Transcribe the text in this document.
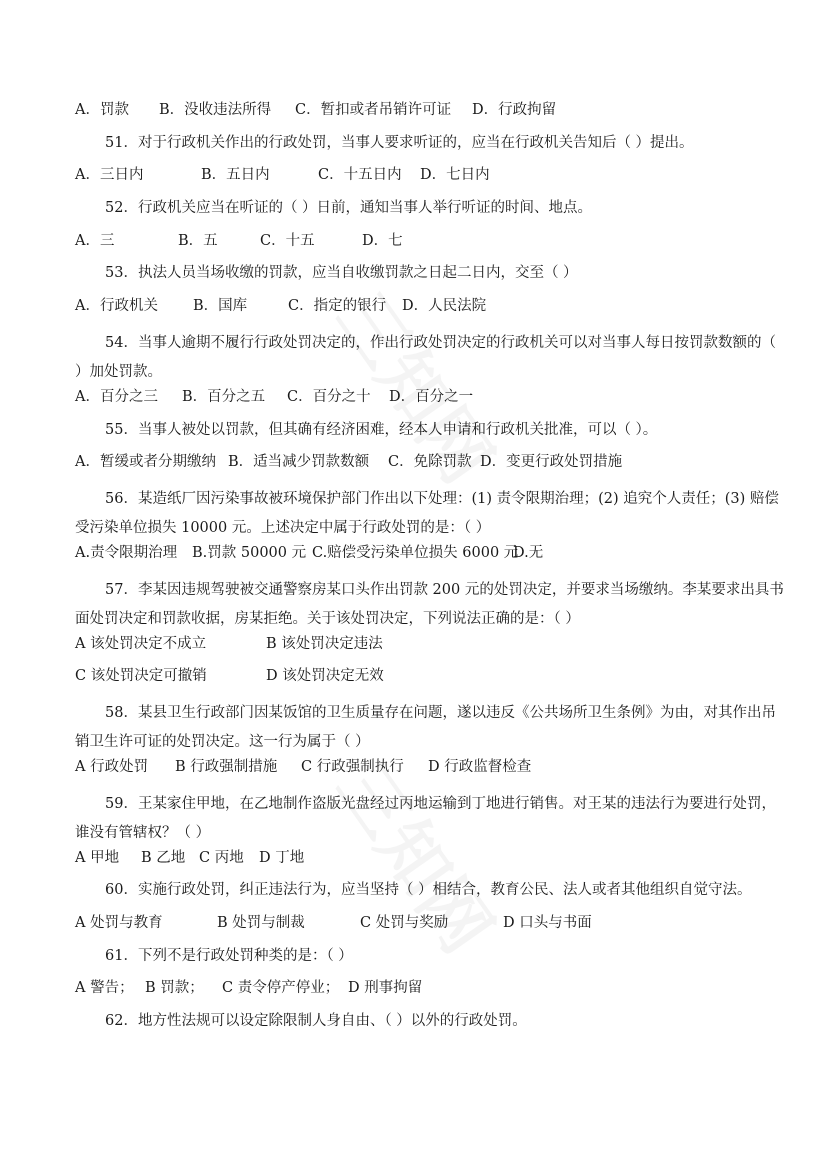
A．罚款 B．没收违法所得 C．暂扣或者吊销许可证 D．行政拘留

51．对于行政机关作出的行政处罚，当事人要求听证的，应当在行政机关告知后（ ）提出。

A．三日内	B．五日内	C．十五日内 D．七日内

52．行政机关应当在听证的（ ）日前，通知当事人举行听证的时间、地点。

A．三	B．五	C．十五	D．七

53．执法人员当场收缴的罚款，应当自收缴罚款之日起二日内，交至（ ）

A．行政机关 B．国库	C．指定的银行 D．人民法院

54．当事人逾期不履行行政处罚决定的，作出行政处罚决定的行政机关可以对当事人每日按罚款数额的（ ）加处罚款。

A．百分之三 B．百分之五 C．百分之十 D．百分之一

55．当事人被处以罚款，但其确有经济困难，经本人申请和行政机关批准，可以（ ）。

A．暂缓或者分期缴纳 B．适当减少罚款数额 C．免除罚款 D．变更行政处罚措施

56．某造纸厂因污染事故被环境保护部门作出以下处理：(1) 责令限期治理；(2) 追究个人责任；(3) 赔偿受污染单位损失 10000 元。上述决定中属于行政处罚的是：（ ）

A.责令限期治理 B.罚款 50000 元 C.赔偿受污染单位损失 6000 元
D.无

57．李某因违规驾驶被交通警察房某口头作出罚款 200 元的处罚决定，并要求当场缴纳。李某要求出具书面处罚决定和罚款收据，房某拒绝。关于该处罚决定，下列说法正确的是：（ ）

A 该处罚决定不成立	B 该处罚决定违法
C 该处罚决定可撤销	D 该处罚决定无效

58．某县卫生行政部门因某饭馆的卫生质量存在问题，遂以违反《公共场所卫生条例》为由，对其作出吊销卫生许可证的处罚决定。这一行为属于（ ）

A 行政处罚 B 行政强制措施 C 行政强制执行 D 行政监督检查

59．王某家住甲地，在乙地制作盗版光盘经过丙地运输到丁地进行销售。对王某的违法行为要进行处罚，谁没有管辖权？（ ）

A 甲地 B 乙地 C 丙地 D 丁地

60．实施行政处罚，纠正违法行为，应当坚持（ ）相结合，教育公民、法人或者其他组织自觉守法。

A 处罚与教育	B 处罚与制裁	C 处罚与奖励	D 口头与书面

61．下列不是行政处罚种类的是：（ ）

A 警告； B 罚款； C 责令停产停业； D 刑事拘留

62．地方性法规可以设定除限制人身自由、（ ）以外的行政处罚。
